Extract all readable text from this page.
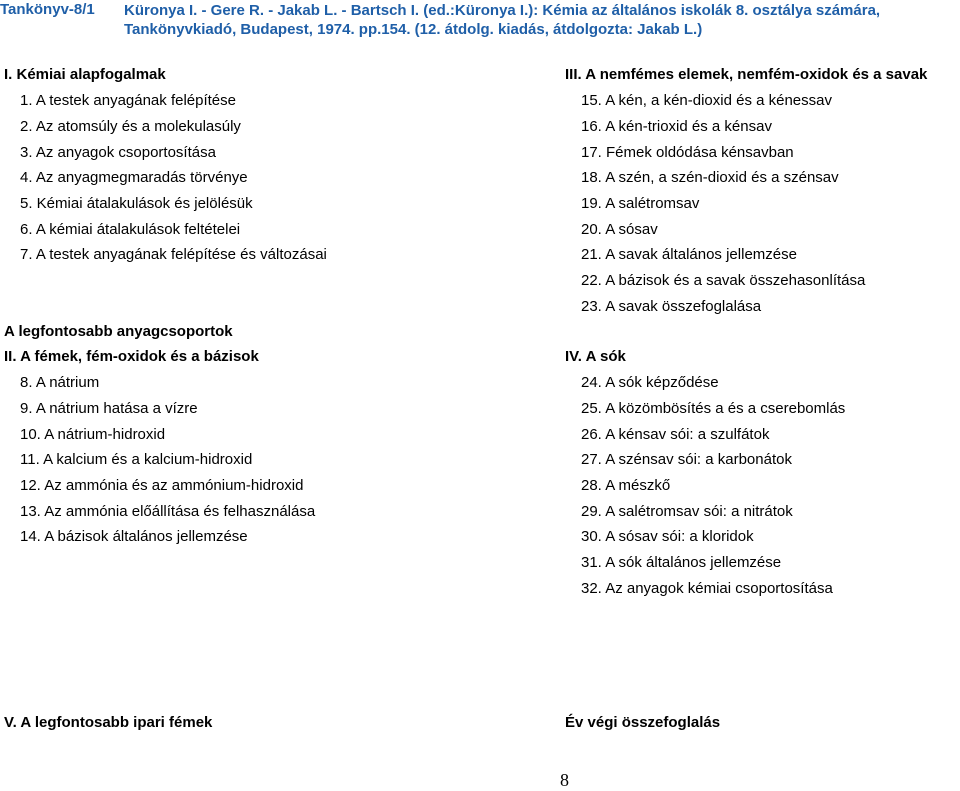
Tankönyv-8/1 Küronya I. - Gere R. - Jakab L. - Bartsch I. (ed.:Küronya I.): Kémia az általános iskolák 8. osztálya számára,
Tankönyvkiadó, Budapest, 1974. pp.154. (12. átdolg. kiadás, átdolgozta: Jakab L.)
I. Kémiai alapfogalmak
1. A testek anyagának felépítése
2. Az atomsúly és a molekulasúly
3. Az anyagok csoportosítása
4. Az anyagmegmaradás törvénye
5. Kémiai átalakulások és jelölésük
6. A kémiai átalakulások feltételei
7. A testek anyagának felépítése és változásai
A legfontosabb anyagcsoportok
II. A fémek, fém-oxidok és a bázisok
8. A nátrium
9. A nátrium hatása a vízre
10. A nátrium-hidroxid
11. A kalcium és a kalcium-hidroxid
12. Az ammónia és az ammónium-hidroxid
13. Az ammónia előállítása és felhasználása
14. A bázisok általános jellemzése
V. A legfontosabb ipari fémek
III. A nemfémes elemek, nemfém-oxidok és a savak
15. A kén, a kén-dioxid és a kénessav
16. A kén-trioxid és a kénsav
17. Fémek oldódása kénsavban
18. A szén, a szén-dioxid és a szénsav
19. A salétromsav
20. A sósav
21. A savak általános jellemzése
22. A bázisok és a savak összehasonlítása
23. A savak összefoglalása
IV. A sók
24. A sók képződése
25. A közömbösítés a és a cserebomlás
26. A kénsav sói: a szulfátok
27. A szénsav sói: a karbonátok
28. A mészkő
29. A salétromsav sói: a nitrátok
30. A sósav sói: a kloridok
31. A sók általános jellemzése
32. Az anyagok kémiai csoportosítása
Év végi összefoglalás
8
